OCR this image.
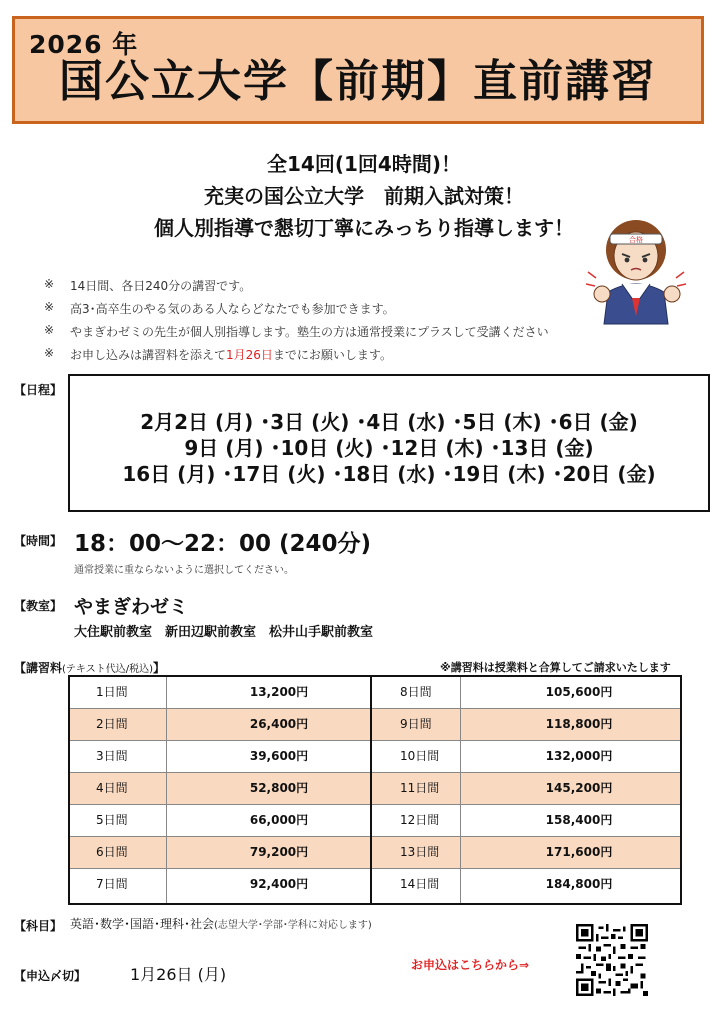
2026 年
国公立大学【前期】直前講習
全14回(1回4時間)！
充実の国公立大学　前期入試対策！
個人別指導で懇切丁寧にみっちり指導します！	合格
※ 14日間、各日240分の講習です。
※ 高3･高卒生のやる気のある人ならどなたでも参加できます。
※ やまぎわゼミの先生が個人別指導します。塾生の方は通常授業にプラスして受講ください
※ お申し込みは講習料を添えて1月26日までにお願いします。
【日程】
2月2日 (月) ･3日 (火) ･4日 (水) ･5日 (木) ･6日 (金)
9日 (月) ･10日 (火) ･12日 (木) ･13日 (金)
16日 (月) ･17日 (火) ･18日 (水) ･19日 (木) ･20日 (金)
【時間】 18：00～22：00 (240分)
通常授業に重ならないように選択してください。
【教室】 やまぎわゼミ
大住駅前教室　新田辺駅前教室　松井山手駅前教室
【講習料(テキスト代込/税込)】	※講習料は授業料と合算してご請求いたします
1日間	13,200円	8日間	105,600円
2日間	26,400円	9日間	118,800円
3日間	39,600円	10日間	132,000円
4日間	52,800円	11日間	145,200円
5日間	66,000円	12日間	158,400円
6日間	79,200円	13日間	171,600円
7日間	92,400円	14日間	184,800円
【科目】 英語･数学･国語･理科･社会(志望大学･学部･学科に対応します)
【申込〆切】	1月26日 (月)	お申込はこちらから⇒
